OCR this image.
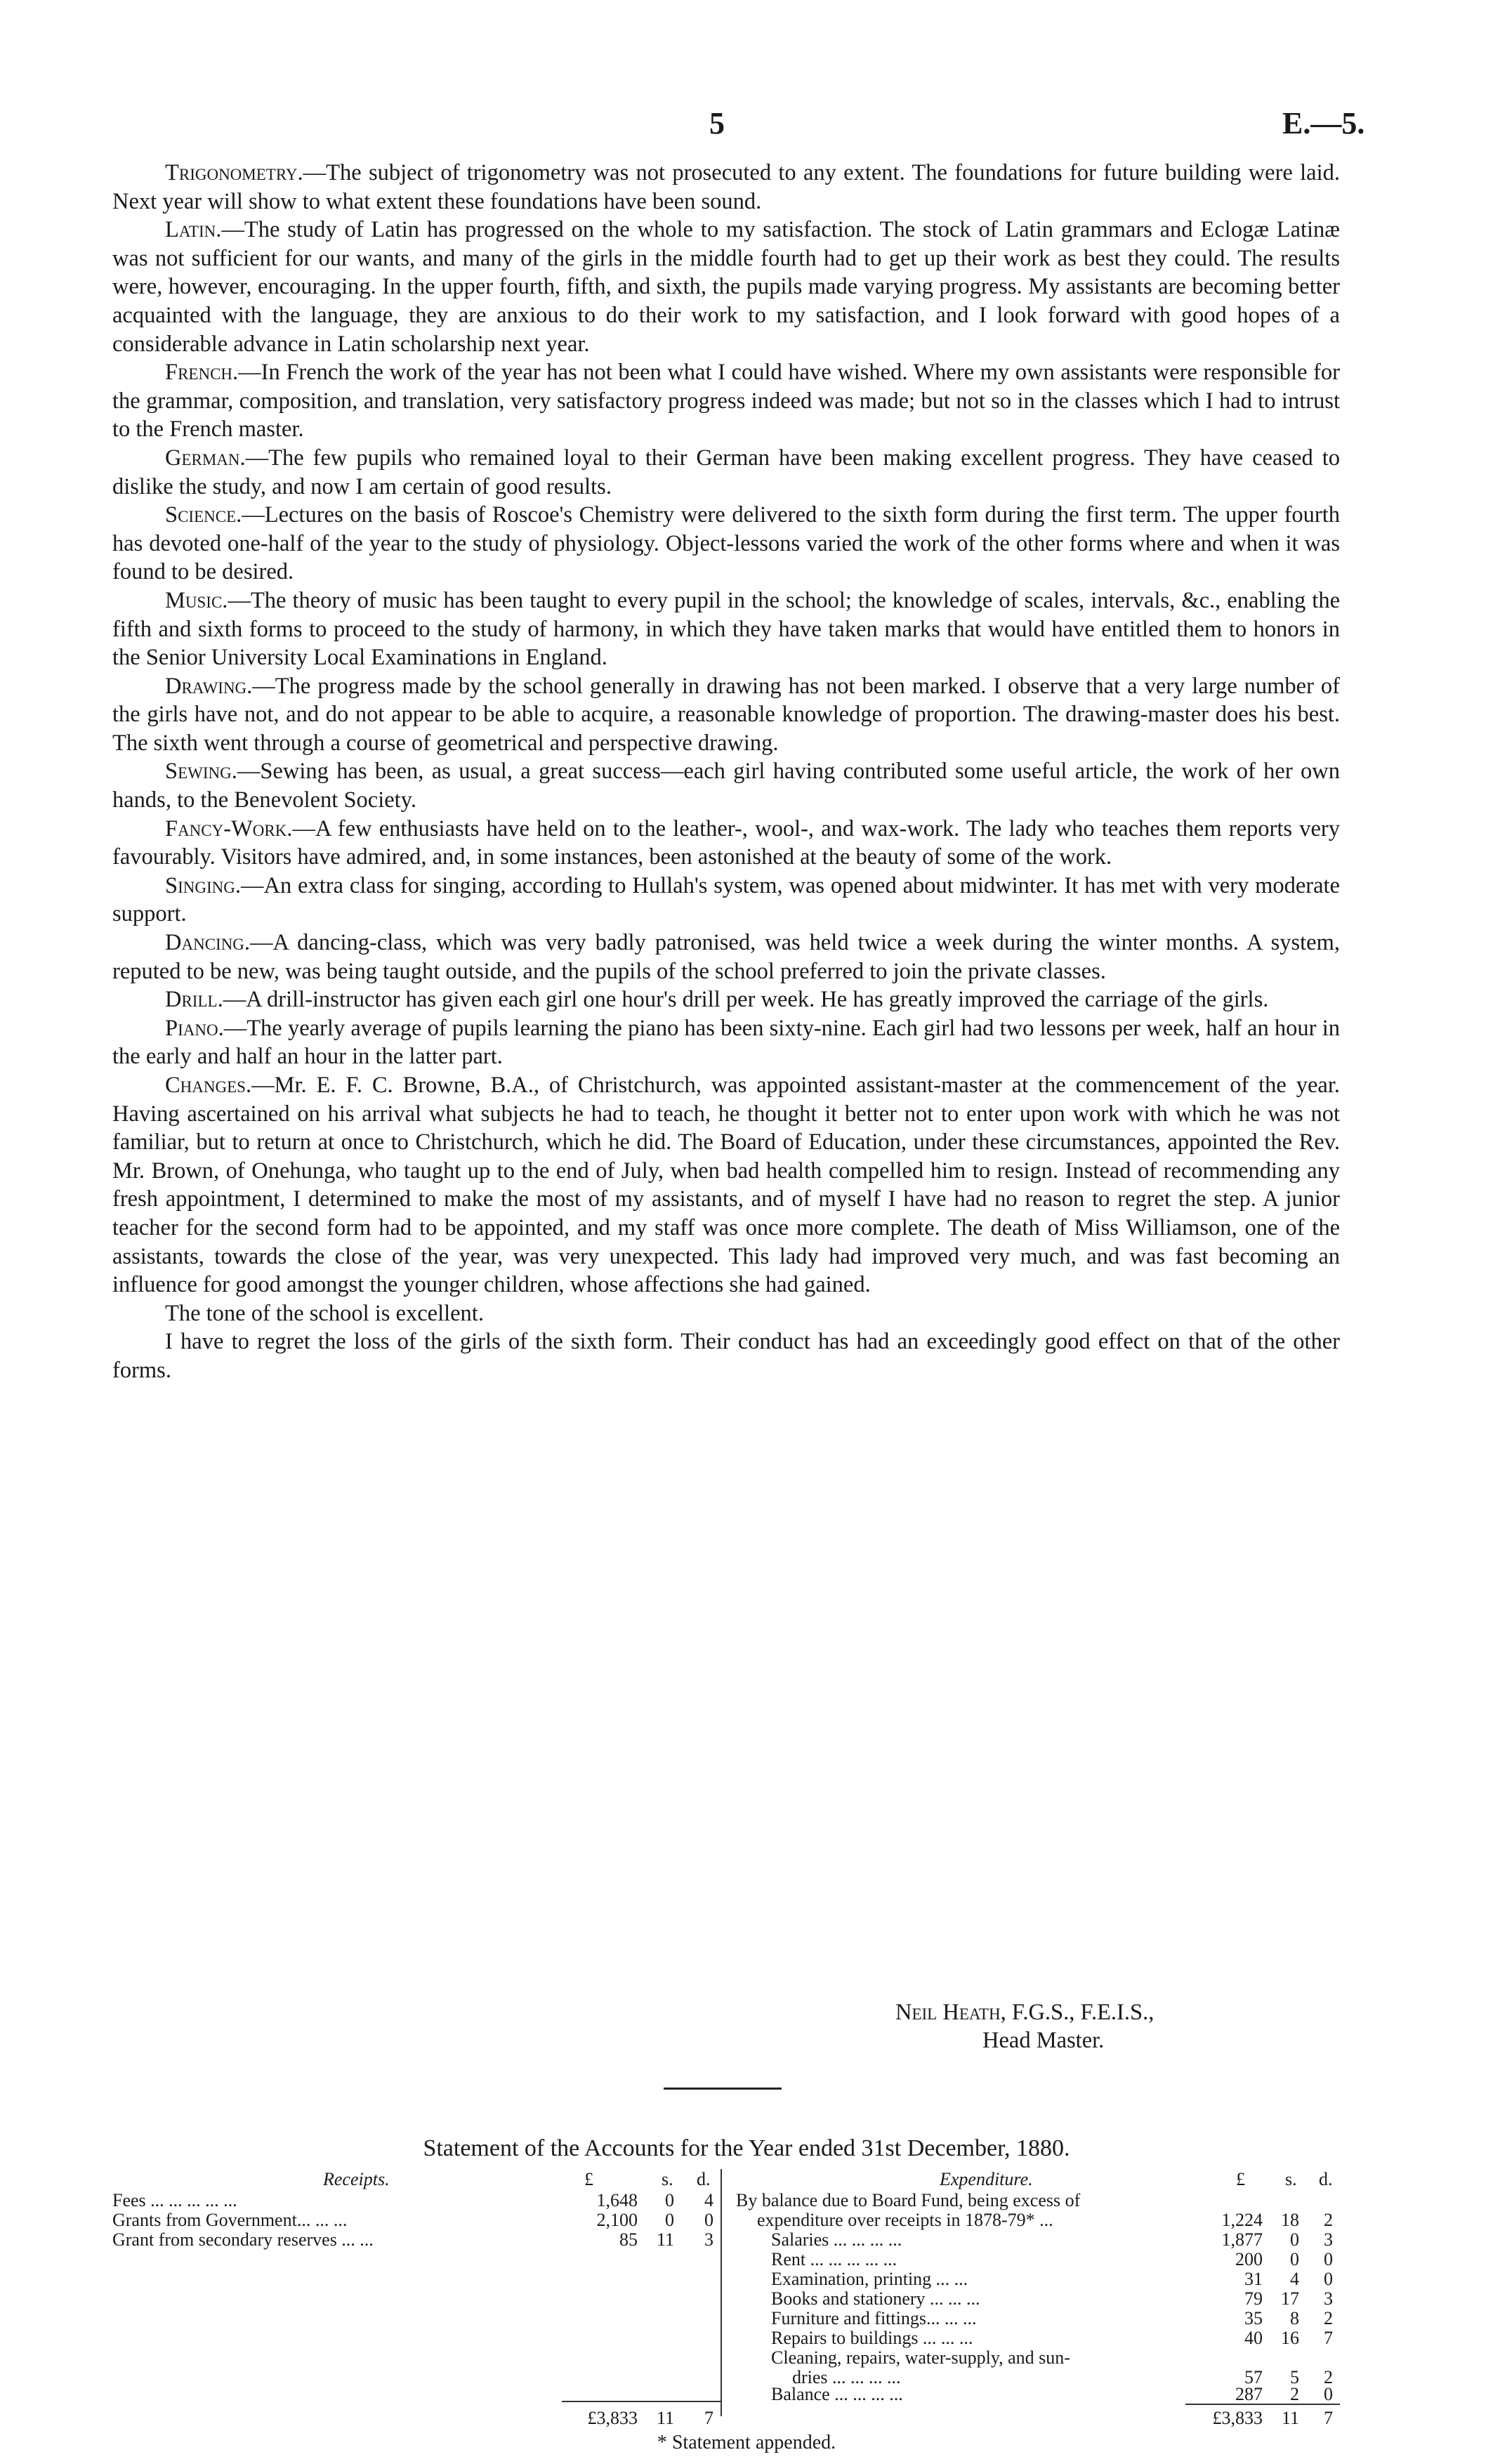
5	E.—5.

Trigonometry.—The subject of trigonometry was not prosecuted to any extent. The foundations for future building were laid. Next year will show to what extent these foundations have been sound.

Latin.—The study of Latin has progressed on the whole to my satisfaction. The stock of Latin grammars and Eclogæ Latinæ was not sufficient for our wants, and many of the girls in the middle fourth had to get up their work as best they could. The results were, however, encouraging. In the upper fourth, fifth, and sixth, the pupils made varying progress. My assistants are becoming better acquainted with the language, they are anxious to do their work to my satisfaction, and I look forward with good hopes of a considerable advance in Latin scholarship next year.

French.—In French the work of the year has not been what I could have wished. Where my own assistants were responsible for the grammar, composition, and translation, very satisfactory progress indeed was made; but not so in the classes which I had to intrust to the French master.

German.—The few pupils who remained loyal to their German have been making excellent progress. They have ceased to dislike the study, and now I am certain of good results.

Science.—Lectures on the basis of Roscoe's Chemistry were delivered to the sixth form during the first term. The upper fourth has devoted one-half of the year to the study of physiology. Object-lessons varied the work of the other forms where and when it was found to be desired.

Music.—The theory of music has been taught to every pupil in the school; the knowledge of scales, intervals, &c., enabling the fifth and sixth forms to proceed to the study of harmony, in which they have taken marks that would have entitled them to honors in the Senior University Local Examinations in England.

Drawing.—The progress made by the school generally in drawing has not been marked. I observe that a very large number of the girls have not, and do not appear to be able to acquire, a reasonable knowledge of proportion. The drawing-master does his best. The sixth went through a course of geometrical and perspective drawing.

Sewing.—Sewing has been, as usual, a great success—each girl having contributed some useful article, the work of her own hands, to the Benevolent Society.

Fancy-Work.—A few enthusiasts have held on to the leather-, wool-, and wax-work. The lady who teaches them reports very favourably. Visitors have admired, and, in some instances, been astonished at the beauty of some of the work.

Singing.—An extra class for singing, according to Hullah's system, was opened about midwinter. It has met with very moderate support.

Dancing.—A dancing-class, which was very badly patronised, was held twice a week during the winter months. A system, reputed to be new, was being taught outside, and the pupils of the school preferred to join the private classes.

Drill.—A drill-instructor has given each girl one hour's drill per week. He has greatly improved the carriage of the girls.

Piano.—The yearly average of pupils learning the piano has been sixty-nine. Each girl had two lessons per week, half an hour in the early and half an hour in the latter part.

Changes.—Mr. E. F. C. Browne, B.A., of Christchurch, was appointed assistant-master at the commencement of the year. Having ascertained on his arrival what subjects he had to teach, he thought it better not to enter upon work with which he was not familiar, but to return at once to Christchurch, which he did. The Board of Education, under these circumstances, appointed the Rev. Mr. Brown, of Onehunga, who taught up to the end of July, when bad health compelled him to resign. Instead of recommending any fresh appointment, I determined to make the most of my assistants, and of myself I have had no reason to regret the step. A junior teacher for the second form had to be appointed, and my staff was once more complete. The death of Miss Williamson, one of the assistants, towards the close of the year, was very unexpected. This lady had improved very much, and was fast becoming an influence for good amongst the younger children, whose affections she had gained.

The tone of the school is excellent.

I have to regret the loss of the girls of the sixth form. Their conduct has had an exceedingly good effect on that of the other forms.

Neil Heath, F.G.S., F.E.I.S.,
Head Master.
Statement of the Accounts for the Year ended 31st December, 1880.
Receipts.	£	s. d.
Fees ... ... ... ... ...	1,648	0	4
Grants from Government... ... ...	2,100	0	0
Grant from secondary reserves ... ...	85	11	3
£3,833	11	7
Expenditure.	£ s. d.
By balance due to Board Fund, being excess of
expenditure over receipts in 1878-79* ...	1,224	18	2
Salaries ... ... ... ...	1,877	0	3
Rent ... ... ... ... ...	200	0	0
Examination, printing ... ...	31	4	0
Books and stationery ... ... ...	79	17	3
Furniture and fittings... ... ...	35	8	2
Repairs to buildings ... ... ...	40	16	7
Cleaning, repairs, water-supply, and sun-
dries ... ... ... ...	57	5	2
Balance ... ... ... ...	287	2	0
£3,833	11	7
* Statement appended.
